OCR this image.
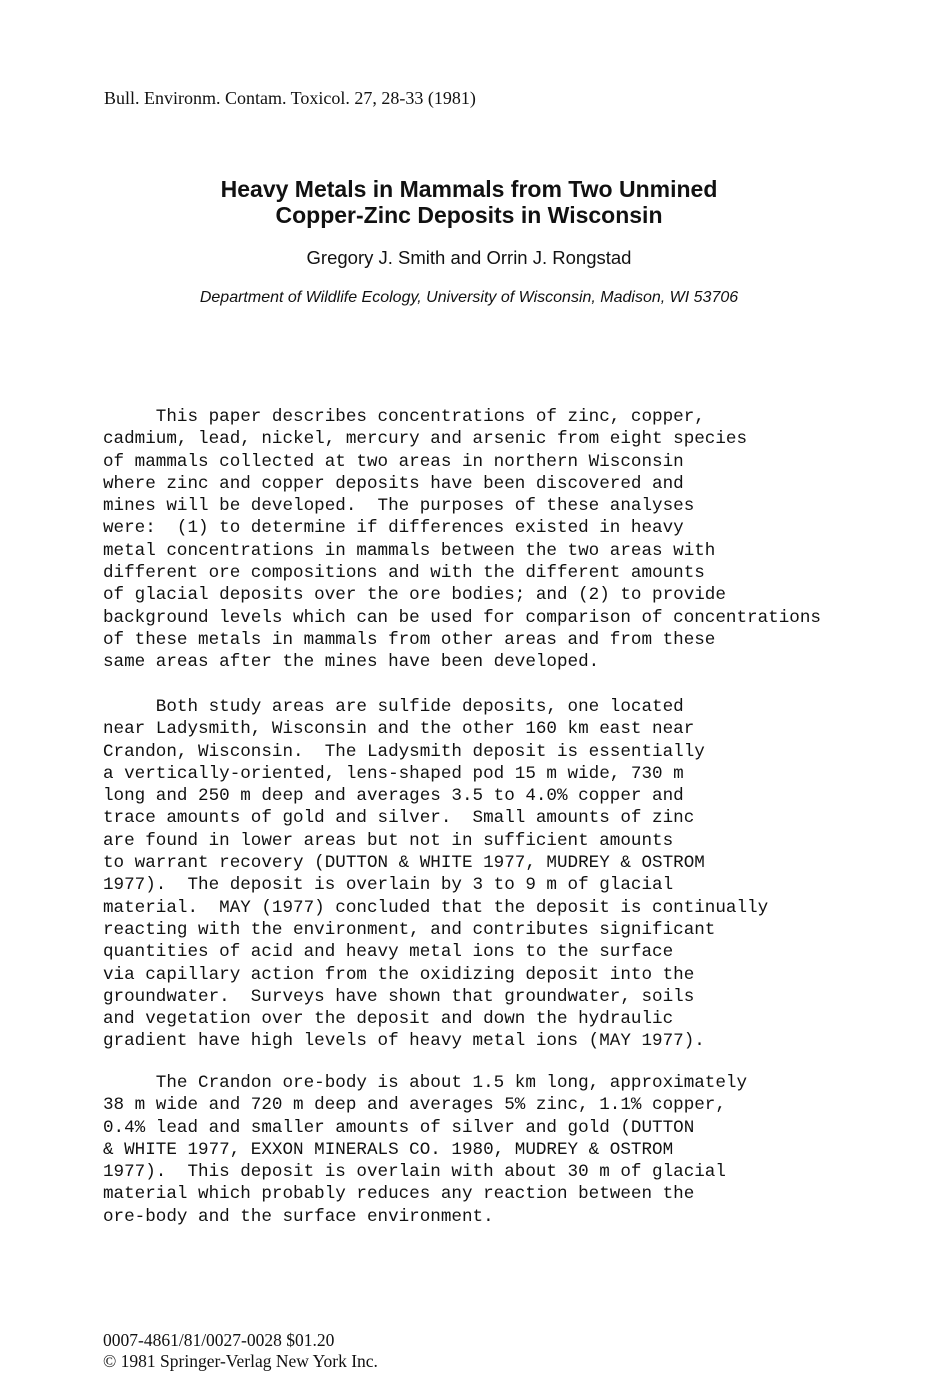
Bull. Environm. Contam. Toxicol. 27, 28-33 (1981)
Heavy Metals in Mammals from Two Unmined
Copper-Zinc Deposits in Wisconsin
Gregory J. Smith and Orrin J. Rongstad
Department of Wildlife Ecology, University of Wisconsin, Madison, WI 53706
This paper describes concentrations of zinc, copper,
cadmium, lead, nickel, mercury and arsenic from eight species
of mammals collected at two areas in northern Wisconsin
where zinc and copper deposits have been discovered and
mines will be developed.  The purposes of these analyses
were:  (1) to determine if differences existed in heavy
metal concentrations in mammals between the two areas with
different ore compositions and with the different amounts
of glacial deposits over the ore bodies; and (2) to provide
background levels which can be used for comparison of concentrations
of these metals in mammals from other areas and from these
same areas after the mines have been developed.
Both study areas are sulfide deposits, one located
near Ladysmith, Wisconsin and the other 160 km east near
Crandon, Wisconsin.  The Ladysmith deposit is essentially
a vertically-oriented, lens-shaped pod 15 m wide, 730 m
long and 250 m deep and averages 3.5 to 4.0% copper and
trace amounts of gold and silver.  Small amounts of zinc
are found in lower areas but not in sufficient amounts
to warrant recovery (DUTTON & WHITE 1977, MUDREY & OSTROM
1977).  The deposit is overlain by 3 to 9 m of glacial
material.  MAY (1977) concluded that the deposit is continually
reacting with the environment, and contributes significant
quantities of acid and heavy metal ions to the surface
via capillary action from the oxidizing deposit into the
groundwater.  Surveys have shown that groundwater, soils
and vegetation over the deposit and down the hydraulic
gradient have high levels of heavy metal ions (MAY 1977).
The Crandon ore-body is about 1.5 km long, approximately
38 m wide and 720 m deep and averages 5% zinc, 1.1% copper,
0.4% lead and smaller amounts of silver and gold (DUTTON
& WHITE 1977, EXXON MINERALS CO. 1980, MUDREY & OSTROM
1977).  This deposit is overlain with about 30 m of glacial
material which probably reduces any reaction between the
ore-body and the surface environment.
0007-4861/81/0027-0028 $01.20
© 1981 Springer-Verlag New York Inc.
